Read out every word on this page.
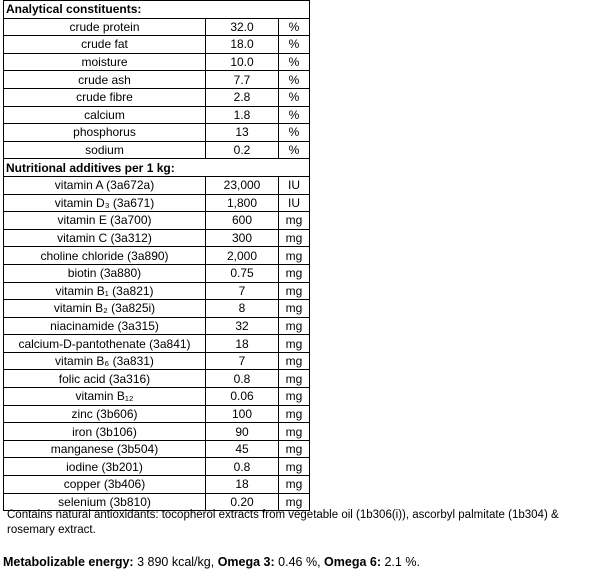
Analytical constituents:		
crude protein	32.0	%
crude fat	18.0	%
moisture	10.0	%
crude ash	7.7	%
crude fibre	2.8	%
calcium	1.8	%
phosphorus	13	%
sodium	0.2	%
Nutritional additives per 1 kg:		
vitamin A (3a672a)	23,000	IU
vitamin D₃ (3a671)	1,800	IU
vitamin E (3a700)	600	mg
vitamin C (3a312)	300	mg
choline chloride (3a890)	2,000	mg
biotin (3a880)	0.75	mg
vitamin B₁ (3a821)	7	mg
vitamin B₂ (3a825i)	8	mg
niacinamide (3a315)	32	mg
calcium-D-pantothenate (3a841)	18	mg
vitamin B₆ (3a831)	7	mg
folic acid (3a316)	0.8	mg
vitamin B₁₂	0.06	mg
zinc (3b606)	100	mg
iron (3b106)	90	mg
manganese (3b504)	45	mg
iodine (3b201)	0.8	mg
copper (3b406)	18	mg
selenium (3b810)	0.20	mg
Contains natural antioxidants: tocopherol extracts from vegetable oil (1b306(i)), ascorbyl palmitate (1b304) & rosemary extract.
Metabolizable energy: 3 890 kcal/kg, Omega 3: 0.46 %, Omega 6: 2.1 %.
